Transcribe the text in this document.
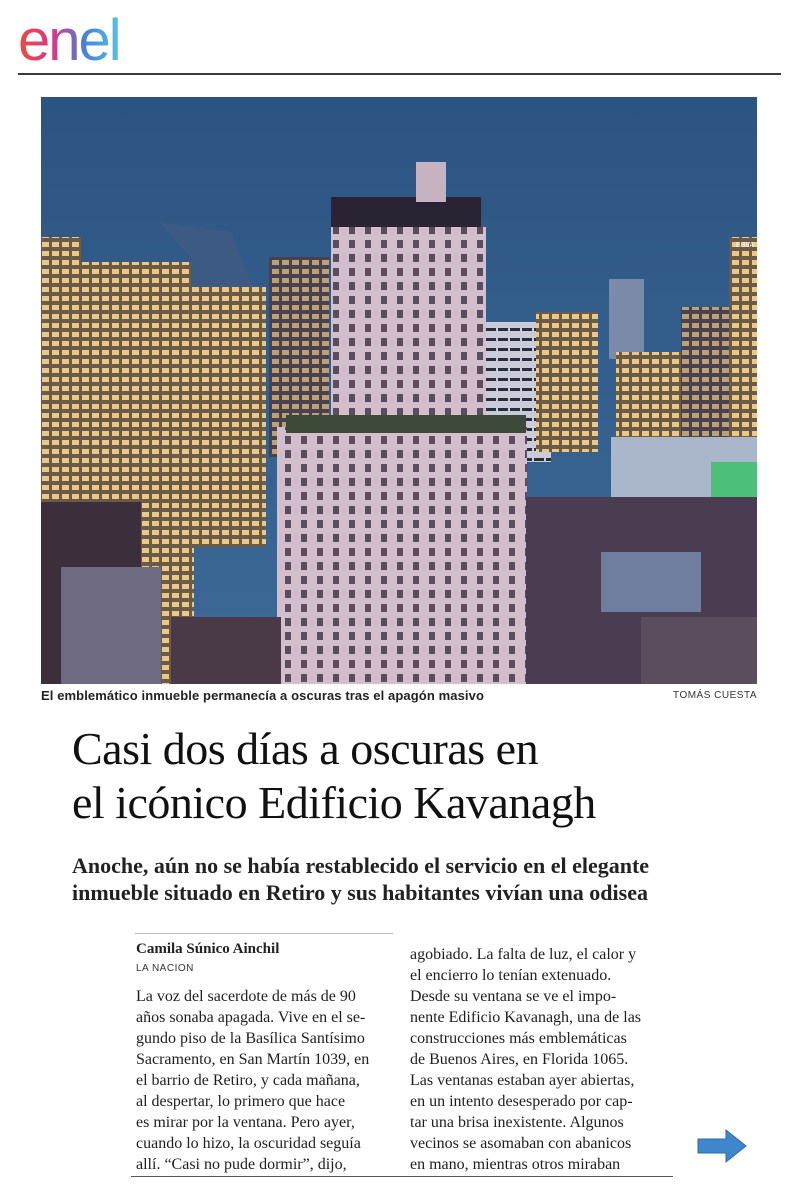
enel
BBVA
El emblemático inmueble permanecía a oscuras tras el apagón masivo	TOMÁS CUESTA
Casi dos días a oscuras en
el icónico Edificio Kavanagh
Anoche, aún no se había restablecido el servicio en el elegante
inmueble situado en Retiro y sus habitantes vivían una odisea
Camila Súnico Ainchil
LA NACION

La voz del sacerdote de más de 90
años sonaba apagada. Vive en el se-
gundo piso de la Basílica Santísimo
Sacramento, en San Martín 1039, en
el barrio de Retiro, y cada mañana,
al despertar, lo primero que hace
es mirar por la ventana. Pero ayer,
cuando lo hizo, la oscuridad seguía
allí. “Casi no pude dormir”, dijo,

agobiado. La falta de luz, el calor y
el encierro lo tenían extenuado.

Desde su ventana se ve el impo-
nente Edificio Kavanagh, una de las
construcciones más emblemáticas
de Buenos Aires, en Florida 1065.
Las ventanas estaban ayer abiertas,
en un intento desesperado por cap-
tar una brisa inexistente. Algunos
vecinos se asomaban con abanicos
en mano, mientras otros miraban
